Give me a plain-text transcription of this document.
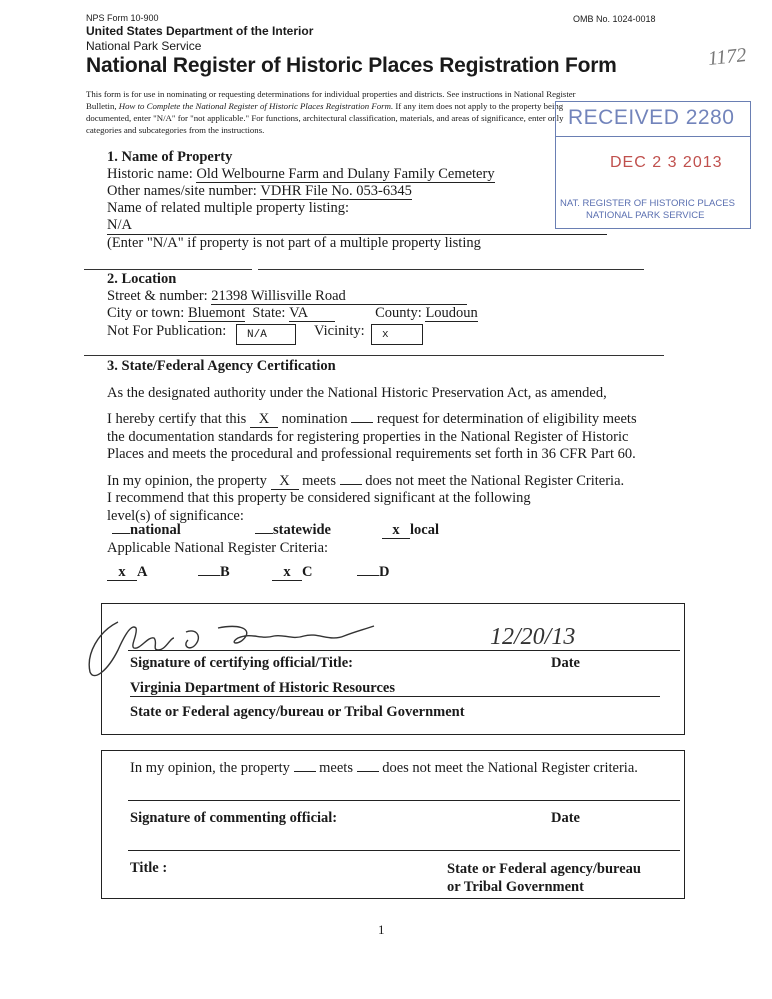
NPS Form 10-900	OMB No. 1024-0018
United States Department of the Interior
National Park Service
National Register of Historic Places Registration Form	1172
This form is for use in nominating or requesting determinations for individual properties and districts. See instructions in National Register
Bulletin, How to Complete the National Register of Historic Places Registration Form. If any item does not apply to the property being
documented, enter "N/A" for "not applicable." For functions, architectural classification, materials, and areas of significance, enter only
categories and subcategories from the instructions.
RECEIVED 2280
DEC 2 3 2013
NAT. REGISTER OF HISTORIC PLACES
NATIONAL PARK SERVICE
1. Name of Property
Historic name: Old Welbourne Farm and Dulany Family Cemetery
Other names/site number: VDHR File No. 053-6345
Name of related multiple property listing:
N/A
(Enter "N/A" if property is not part of a multiple property listing
2. Location
Street & number: 21398 Willisville Road
City or town: Bluemont State: VA	County: Loudoun
Not For Publication:	N/A	Vicinity:	x
3. State/Federal Agency Certification
As the designated authority under the National Historic Preservation Act, as amended,
I hereby certify that this X nomination request for determination of eligibility meets
the documentation standards for registering properties in the National Register of Historic
Places and meets the procedural and professional requirements set forth in 36 CFR Part 60.
In my opinion, the property X meets does not meet the National Register Criteria.
I recommend that this property be considered significant at the following
level(s) of significance:
national	statewide	x local
Applicable National Register Criteria:
x A	B	x C	D
12/20/13
Signature of certifying official/Title:	Date
Virginia Department of Historic Resources
State or Federal agency/bureau or Tribal Government
In my opinion, the property meets does not meet the National Register criteria.
Signature of commenting official:	Date
Title :	State or Federal agency/bureau
or Tribal Government
1
